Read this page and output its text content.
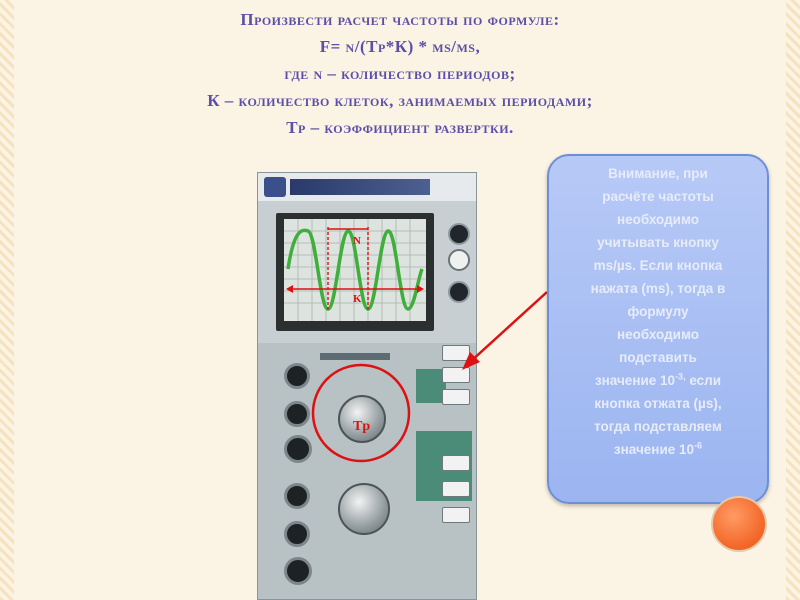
Произвести расчет частоты по формуле:
F= n/(Tр*К) * ms/ms,
где n – количество периодов;
К – количество клеток, занимаемых периодами;
Tр – коэффициент развертки.
N
K
Tр
Внимание, при
расчёте частоты
необходимо
учитывать кнопку
ms/µs. Если кнопка
нажата (ms), тогда в
формулу
необходимо
подставить
значение $10^{-3,}$ если
кнопка отжата (µs),
тогда подставляем
значение $10^{-6}$
